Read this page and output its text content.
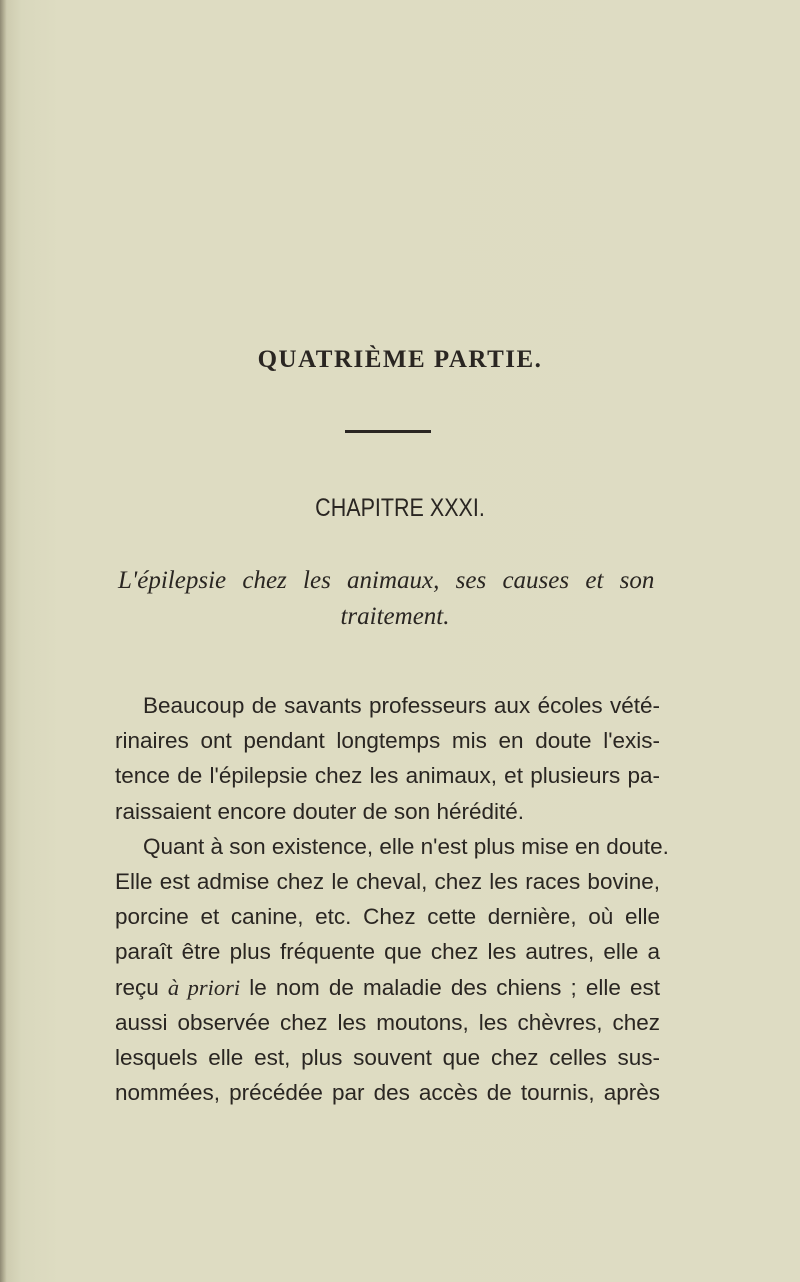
QUATRIÈME PARTIE.
CHAPITRE XXXI.
L'épilepsie chez les animaux, ses causes et son
traitement.
Beaucoup de savants professeurs aux écoles vété-
rinaires ont pendant longtemps mis en doute l'exis-
tence de l'épilepsie chez les animaux, et plusieurs pa-
raissaient encore douter de son hérédité.
Quant à son existence, elle n'est plus mise en doute.
Elle est admise chez le cheval, chez les races bovine,
porcine et canine, etc. Chez cette dernière, où elle
paraît être plus fréquente que chez les autres, elle a
reçu à priori le nom de maladie des chiens ; elle est
aussi observée chez les moutons, les chèvres, chez
lesquels elle est, plus souvent que chez celles sus-
nommées, précédée par des accès de tournis, après
